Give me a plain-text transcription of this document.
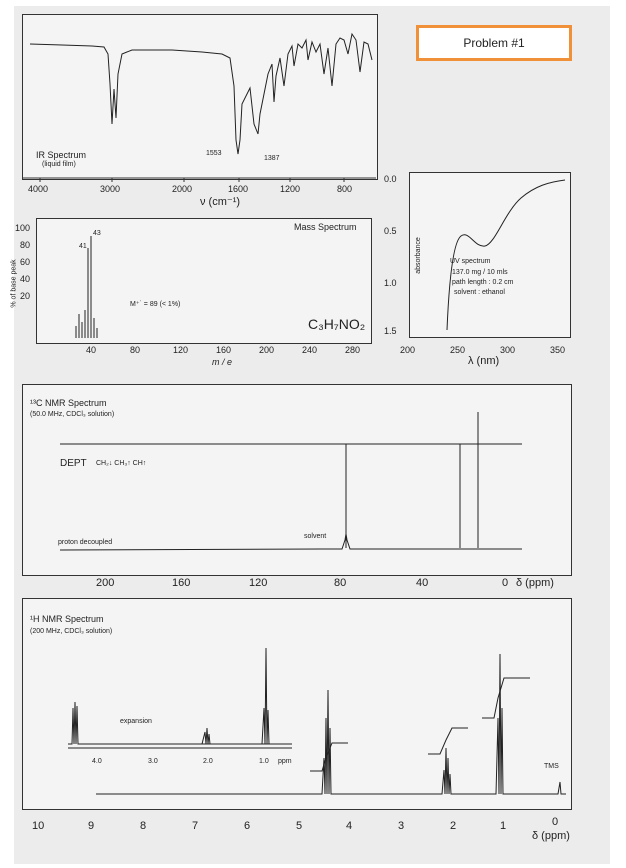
Problem #1
IR Spectrum
(liquid film)
1553
1387
4000	3000	2000	1600	1200	800
ν (cm⁻¹)
Mass Spectrum
% of base peak
100
80
60
40
20
43
41
M⁺˙ = 89 (< 1%)
C₃H₇NO₂
40	80	120	160	200	240	280
m / e
absorbance
0.0
0.5
1.0
1.5
UV spectrum
137.0 mg / 10 mls
path length : 0.2 cm
solvent : ethanol
200	250	300	350
λ (nm)
¹³C NMR Spectrum
(50.0 MHz, CDCl₃ solution)
DEPT CH₂↓ CH₃↑ CH↑
solvent
proton decoupled
200	160	120	80	40	0 δ (ppm)
¹H NMR Spectrum
(200 MHz, CDCl₃ solution)
expansion
4.0	3.0	2.0	1.0 ppm
TMS
10	9	8	7	6	5	4	3	2	1	0
δ (ppm)
